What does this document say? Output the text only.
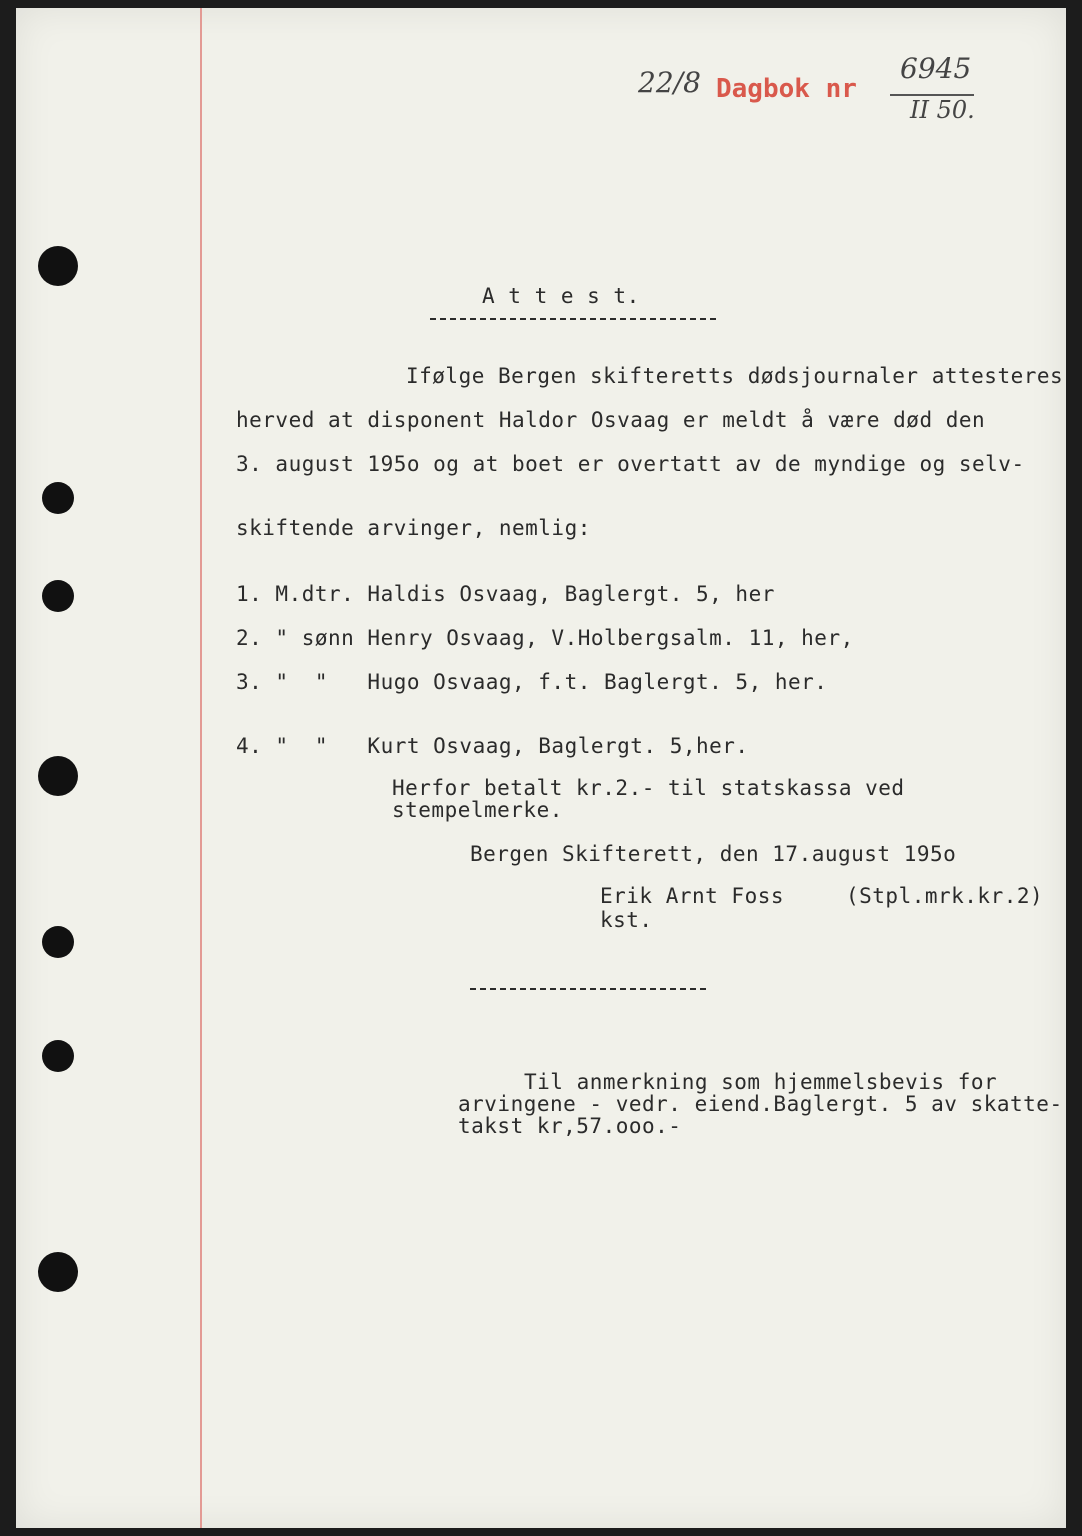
22/8 Dagbok nr
6945
II 50.
A t t e s t.
Ifølge Bergen skifteretts dødsjournaler attesteres
herved at disponent Haldor Osvaag er meldt å være død den
3. august 195o og at boet er overtatt av de myndige og selv-
skiftende arvinger, nemlig:
1. M.dtr. Haldis Osvaag, Baglergt. 5, her
2. " sønn Henry Osvaag, V.Holbergsalm. 11, her,
3. "  "   Hugo Osvaag, f.t. Baglergt. 5, her.
4. "  "   Kurt Osvaag, Baglergt. 5,her.
Herfor betalt kr.2.- til statskassa ved
stempelmerke.
Bergen Skifterett, den 17.august 195o
Erik Arnt Foss	(Stpl.mrk.kr.2)
kst.
Til anmerkning som hjemmelsbevis for
arvingene - vedr. eiend.Baglergt. 5 av skatte-
takst kr,57.ooo.-
